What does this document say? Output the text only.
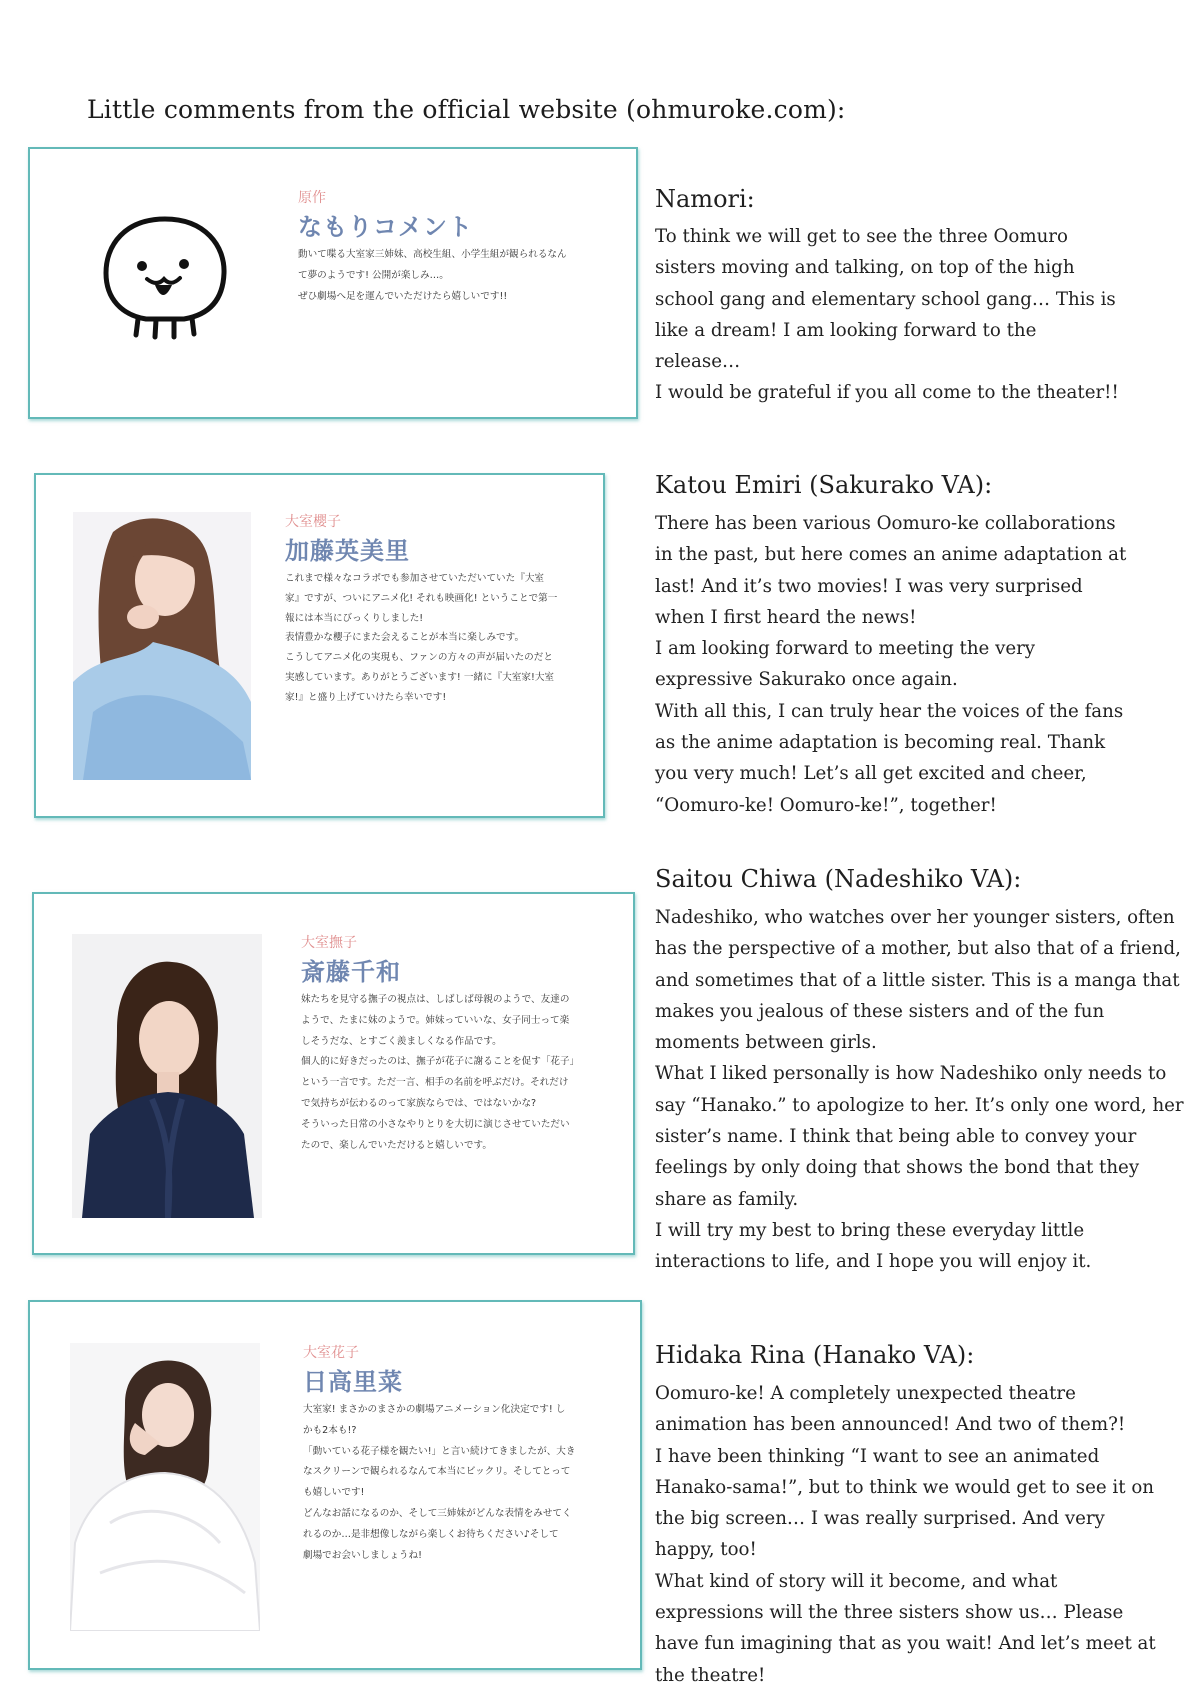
Little comments from the official website (ohmuroke.com):
原作
なもりコメント
動いて喋る大室家三姉妹、高校生組、小学生組が観られるなん
て夢のようです! 公開が楽しみ…。
ぜひ劇場へ足を運んでいただけたら嬉しいです!!
Namori:

To think we will get to see the three Oomuro sisters moving and talking, on top of the high school gang and elementary school gang… This is like a dream! I am looking forward to the release…

I would be grateful if you all come to the theater!!

大室櫻子
加藤英美里
これまで様々なコラボでも参加させていただいていた『大室
家』ですが、ついにアニメ化! それも映画化! ということで第一
報には本当にびっくりしました!
表情豊かな櫻子にまた会えることが本当に楽しみです。
こうしてアニメ化の実現も、ファンの方々の声が届いたのだと
実感しています。ありがとうございます! 一緒に『大室家!大室
家!』と盛り上げていけたら幸いです!
Katou Emiri (Sakurako VA):

There has been various Oomuro-ke collaborations in the past, but here comes an anime adaptation at last! And it’s two movies! I was very surprised when I first heard the news!

I am looking forward to meeting the very expressive Sakurako once again.

With all this, I can truly hear the voices of the fans as the anime adaptation is becoming real. Thank you very much! Let’s all get excited and cheer, “Oomuro-ke! Oomuro-ke!”, together!

大室撫子
斎藤千和
妹たちを見守る撫子の視点は、しばしば母親のようで、友達の
ようで、たまに妹のようで。姉妹っていいな、女子同士って楽
しそうだな、とすごく羨ましくなる作品です。
個人的に好きだったのは、撫子が花子に謝ることを促す「花子」
という一言です。ただ一言、相手の名前を呼ぶだけ。それだけ
で気持ちが伝わるのって家族ならでは、ではないかな?
そういった日常の小さなやりとりを大切に演じさせていただい
たので、楽しんでいただけると嬉しいです。
Saitou Chiwa (Nadeshiko VA):

Nadeshiko, who watches over her younger sisters, often has the perspective of a mother, but also that of a friend, and sometimes that of a little sister. This is a manga that makes you jealous of these sisters and of the fun moments between girls.

What I liked personally is how Nadeshiko only needs to say “Hanako.” to apologize to her. It’s only one word, her sister’s name. I think that being able to convey your feelings by only doing that shows the bond that they share as family.

I will try my best to bring these everyday little interactions to life, and I hope you will enjoy it.

大室花子
日高里菜
大室家! まさかのまさかの劇場アニメーション化決定です! し
かも2本も!?
「動いている花子様を観たい!」と言い続けてきましたが、大き
なスクリーンで観られるなんて本当にビックリ。そしてとって
も嬉しいです!
どんなお話になるのか、そして三姉妹がどんな表情をみせてく
れるのか…是非想像しながら楽しくお待ちください♪そして
劇場でお会いしましょうね!
Hidaka Rina (Hanako VA):

Oomuro-ke! A completely unexpected theatre animation has been announced! And two of them?!

I have been thinking “I want to see an animated Hanako-sama!”, but to think we would get to see it on the big screen… I was really surprised. And very happy, too!

What kind of story will it become, and what expressions will the three sisters show us… Please have fun imagining that as you wait! And let’s meet at the theatre!
